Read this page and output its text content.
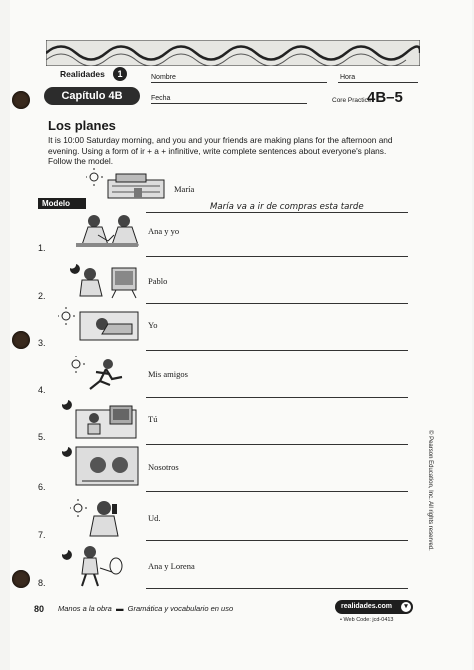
Realidades	1
Capítulo 4B
Nombre	Hora
Fecha	Core Practice
4B–5
Los planes
It is 10:00 Saturday morning, and you and your friends are making plans for the afternoon and
evening. Using a form of ir + a + infinitive, write complete sentences about everyone's plans.
Follow the model.
María
Modelo	María va a ir de compras esta tarde
Ana y yo
1.
Pablo
2.
Yo
3.
Mis amigos
4.
Tú
5.
Nosotros
6.
Ud.
7.
Ana y Lorena
8.
80 Manos a la obra  ▬  Gramática y vocabulario en uso	realidades.com	▾
• Web Code: jcd-0413
© Pearson Education, Inc. All rights reserved.
